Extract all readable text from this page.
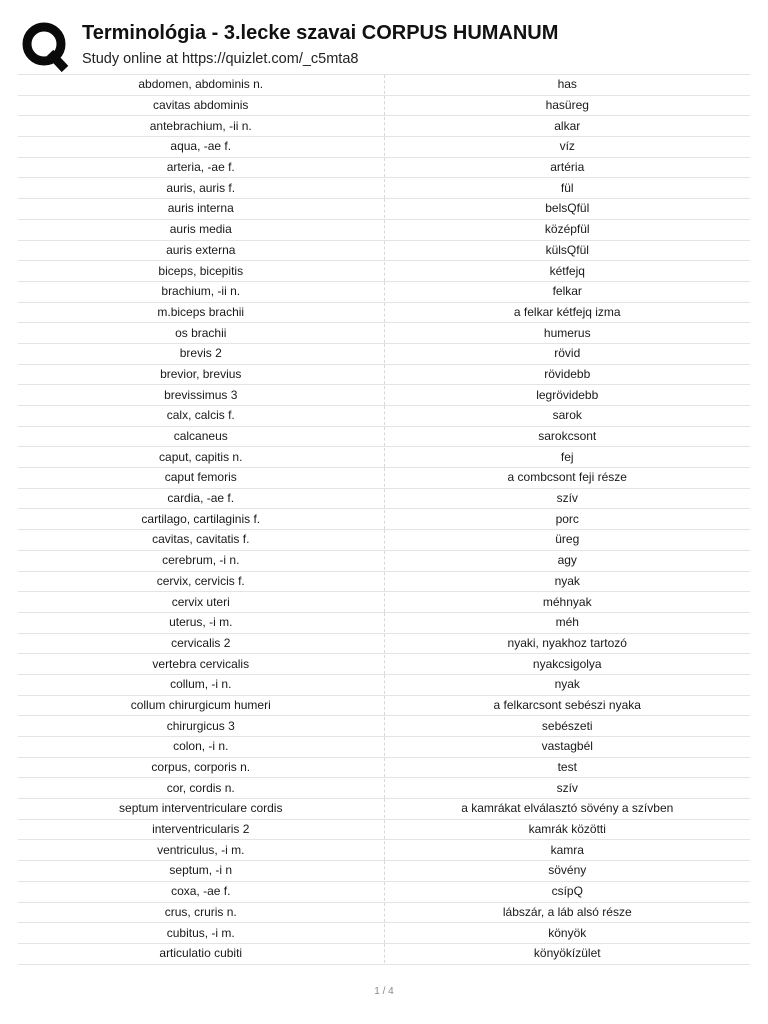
Terminológia - 3.lecke szavai CORPUS HUMANUM
Study online at https://quizlet.com/_c5mta8
abdomen, abdominis n.	has
cavitas abdominis	hasüreg
antebrachium, -ii n.	alkar
aqua, -ae f.	víz
arteria, -ae f.	artéria
auris, auris f.	fül
auris interna	belsQfül
auris media	középfül
auris externa	külsQfül
biceps, bicepitis	kétfejq
brachium, -ii n.	felkar
m.biceps brachii	a felkar kétfejq izma
os brachii	humerus
brevis 2	rövid
brevior, brevius	rövidebb
brevissimus 3	legrövidebb
calx, calcis f.	sarok
calcaneus	sarokcsont
caput, capitis n.	fej
caput femoris	a combcsont feji része
cardia, -ae f.	szív
cartilago, cartilaginis f.	porc
cavitas, cavitatis f.	üreg
cerebrum, -i n.	agy
cervix, cervicis f.	nyak
cervix uteri	méhnyak
uterus, -i m.	méh
cervicalis 2	nyaki, nyakhoz tartozó
vertebra cervicalis	nyakcsigolya
collum, -i n.	nyak
collum chirurgicum humeri	a felkarcsont sebészi nyaka
chirurgicus 3	sebészeti
colon, -i n.	vastagbél
corpus, corporis n.	test
cor, cordis n.	szív
septum interventriculare cordis	a kamrákat elválasztó sövény a szívben
interventricularis 2	kamrák közötti
ventriculus, -i m.	kamra
septum, -i n	sövény
coxa, -ae f.	csípQ
crus, cruris n.	lábszár, a láb alsó része
cubitus, -i m.	könyök
articulatio cubiti	könyökízület
1 / 4
